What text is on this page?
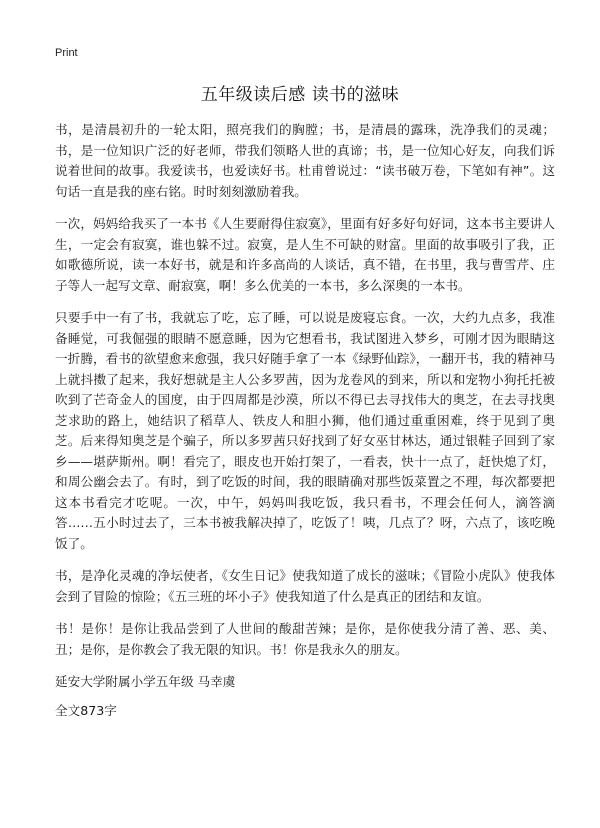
Print
五年级读后感 读书的滋味

书，是清晨初升的一轮太阳，照亮我们的胸膛；书，是清晨的露珠，洗净我们的灵魂；书，是一位知识广泛的好老师，带我们领略人世的真谛；书，是一位知心好友，向我们诉说着世间的故事。我爱读书，也爱读好书。杜甫曾说过：“读书破万卷，下笔如有神”。这句话一直是我的座右铭。时时刻刻激励着我。

一次，妈妈给我买了一本书《人生要耐得住寂寞》，里面有好多好句好词，这本书主要讲人生，一定会有寂寞，谁也躲不过。寂寞，是人生不可缺的财富。里面的故事吸引了我，正如歌德所说，读一本好书，就是和许多高尚的人谈话，真不错，在书里，我与曹雪芹、庄子等人一起写文章、耐寂寞，啊！多么优美的一本书，多么深奥的一本书。

只要手中一有了书，我就忘了吃，忘了睡，可以说是废寝忘食。一次，大约九点多，我准备睡觉，可我倔强的眼睛不愿意睡，因为它想看书，我试图进入梦乡，可刚才因为眼睛这一折腾，看书的欲望愈来愈强，我只好随手拿了一本《绿野仙踪》，一翻开书，我的精神马上就抖擞了起来，我好想就是主人公多罗茜，因为龙卷风的到来，所以和宠物小狗托托被吹到了芒奇金人的国度，由于四周都是沙漠，所以不得已去寻找伟大的奥芝，在去寻找奥芝求助的路上，她结识了稻草人、铁皮人和胆小狮，他们通过重重困难，终于见到了奥芝。后来得知奥芝是个骗子，所以多罗茜只好找到了好女巫甘林达，通过银鞋子回到了家乡——堪萨斯州。啊！看完了，眼皮也开始打架了，一看表，快十一点了，赶快熄了灯，和周公幽会去了。有时，到了吃饭的时间，我的眼睛确对那些饭菜置之不理，每次都要把这本书看完才吃呢。一次，中午，妈妈叫我吃饭，我只看书，不理会任何人，滴答滴答……五小时过去了，三本书被我解决掉了，吃饭了！咦，几点了？呀，六点了，该吃晚饭了。

书，是净化灵魂的净坛使者，《女生日记》使我知道了成长的滋味；《冒险小虎队》使我体会到了冒险的惊险；《五三班的坏小子》使我知道了什么是真正的团结和友谊。

书！是你！是你让我品尝到了人世间的酸甜苦辣；是你，是你使我分清了善、恶、美、丑；是你，是你教会了我无限的知识。书！你是我永久的朋友。

延安大学附属小学五年级 马幸虞

全文873字
